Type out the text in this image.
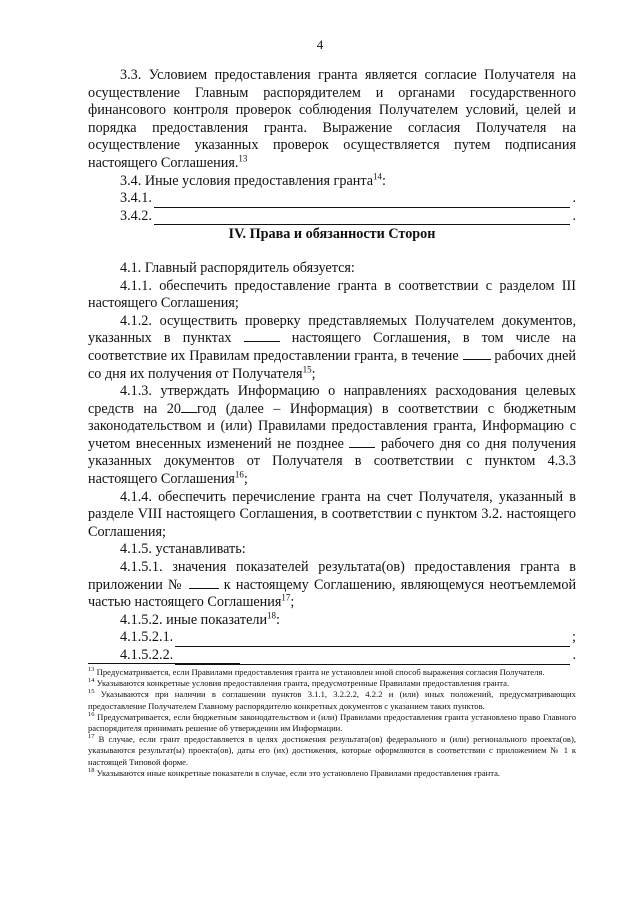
4

3.3. Условием предоставления гранта является согласие Получателя на осуществление Главным распорядителем и органами государственного финансового контроля проверок соблюдения Получателем условий, целей и порядка предоставления гранта. Выражение согласия Получателя на осуществление указанных проверок осуществляется путем подписания настоящего Соглашения.$^{13}$

3.4. Иные условия предоставления гранта$^{14}$:

3.4.1.	.
3.4.2.	.

IV. Права и обязанности Сторон

4.1. Главный распорядитель обязуется:

4.1.1. обеспечить предоставление гранта в соответствии с разделом III настоящего Соглашения;

4.1.2. осуществить проверку представляемых Получателем документов, указанных в пунктах	настоящего Соглашения, в том числе на соответствие их Правилам предоставлении гранта, в течение	рабочих дней со дня их получения от Получателя$^{15}$;

4.1.3. утверждать Информацию о направлениях расходования целевых средств на 20 год (далее – Информация) в соответствии с бюджетным законодательством и (или) Правилами предоставления гранта, Информацию с учетом внесенных изменений не позднее	рабочего дня со дня получения указанных документов от Получателя в соответствии с пунктом 4.3.3 настоящего Соглашения$^{16}$;

4.1.4. обеспечить перечисление гранта на счет Получателя, указанный в разделе VIII настоящего Соглашения, в соответствии с пунктом 3.2. настоящего Соглашения;

4.1.5. устанавливать:

4.1.5.1. значения показателей результата(ов) предоставления гранта в приложении №	к настоящему Соглашению, являющемуся неотъемлемой частью настоящего Соглашения$^{17}$;

4.1.5.2. иные показатели$^{18}$:

4.1.5.2.1.	;
4.1.5.2.2.	.

$^{13}$ Предусматривается, если Правилами предоставления гранта не установлен иной способ выражения согласия Получателя.

$^{14}$ Указываются конкретные условия предоставления гранта, предусмотренные Правилами предоставления гранта.

$^{15}$ Указываются при наличии в соглашении пунктов 3.1.1, 3.2.2.2, 4.2.2 и (или) иных положений, предусматривающих предоставление Получателем Главному распорядителю конкретных документов с указанием таких пунктов.

$^{16}$ Предусматривается, если бюджетным законодательством и (или) Правилами предоставления гранта установлено право Главного распорядителя принимать решение об утверждении им Информации.

$^{17}$ В случае, если грант предоставляется в целях достижения результата(ов) федерального и (или) регионального проекта(ов), указываются результат(ы) проекта(ов), даты его (их) достижения, которые оформляются в соответствии с приложением № 1 к настоящей Типовой форме.

$^{18}$ Указываются иные конкретные показатели в случае, если это установлено Правилами предоставления гранта.
